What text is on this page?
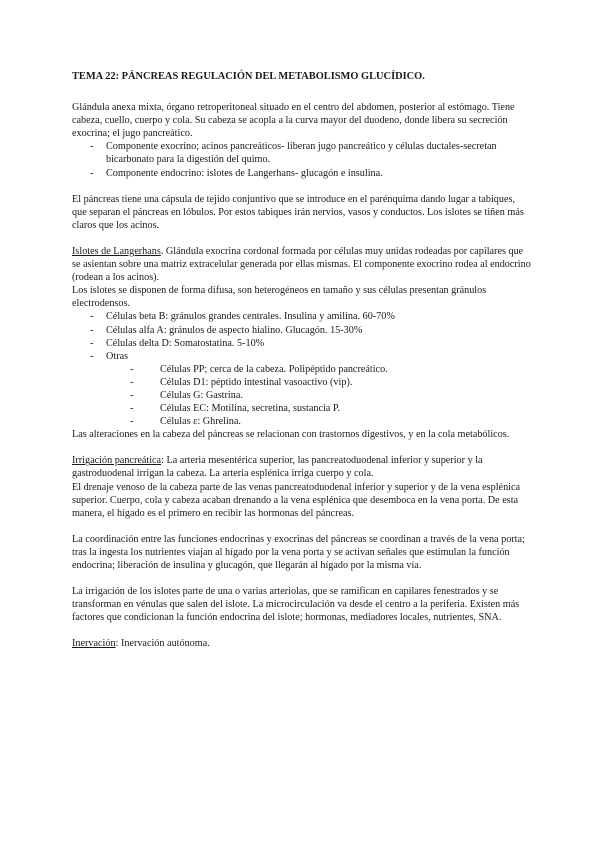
TEMA 22: PÁNCREAS REGULACIÓN DEL METABOLISMO GLUCÍDICO.

Glándula anexa mixta, órgano retroperitoneal situado en el centro del abdomen, posterior al estómago. Tiene cabeza, cuello, cuerpo y cola. Su cabeza se acopla a la curva mayor del duodeno, donde libera su secreción exocrina; el jugo pancreático.

- Componente exocrino; acinos pancreáticos- liberan jugo pancreático y células ductales-secretan bicarbonato para la digestión del quimo.
- Componente endocrino: islotes de Langerhans- glucagón e insulina.

El páncreas tiene una cápsula de tejido conjuntivo que se introduce en el parénquima dando lugar a tabiques, que separan el páncreas en lóbulos. Por estos tabiques irán nervios, vasos y conductos. Los islotes se tiñen más claros que los acinos.

Islotes de Langerhans. Glándula exocrina cordonal formada por células muy unidas rodeadas por capilares que se asientan sobre una matriz extracelular generada por ellas mismas. El componente exocrino rodea al endocrino (rodean a los acinos).

Los islotes se disponen de forma difusa, son heterogéneos en tamaño y sus células presentan gránulos electrodensos.

- Células beta B: gránulos grandes centrales. Insulina y amilina. 60-70%
- Células alfa A: gránulos de aspecto hialino. Glucagón. 15-30%
- Células delta D: Somatostatina. 5-10%
- Otras
- Células PP; cerca de la cabeza. Polipéptido pancreático.
- Células D1: péptido intestinal vasoactivo (vip).
- Células G: Gastrina.
- Células EC: Motilina, secretina, sustancia P.
- Células ε: Ghrelina.

Las alteraciones en la cabeza del páncreas se relacionan con trastornos digestivos, y en la cola metabólicos.

Irrigación pancreática: La arteria mesentérica superior, las pancreatoduodenal inferior y superior y la gastroduodenal irrigan la cabeza. La arteria esplénica irriga cuerpo y cola.

El drenaje venoso de la cabeza parte de las venas pancreatoduodenal inferior y superior y de la vena esplénica superior. Cuerpo, cola y cabeza acaban drenando a la vena esplénica que desemboca en la vena porta. De esta manera, el hígado es el primero en recibir las hormonas del páncreas.

La coordinación entre las funciones endocrinas y exocrinas del páncreas se coordinan a través de la vena porta; tras la ingesta los nutrientes viajan al hígado por la vena porta y se activan señales que estimulan la función endocrina; liberación de insulina y glucagón, que llegarán al hígado por la misma vía.

La irrigación de los islotes parte de una o varias arteriolas, que se ramifican en capilares fenestrados y se transforman en vénulas que salen del islote. La microcirculación va desde el centro a la periferia. Existen más factores que condicionan la función endocrina del islote; hormonas, mediadores locales, nutrientes, SNA.

Inervación: Inervación autónoma.
